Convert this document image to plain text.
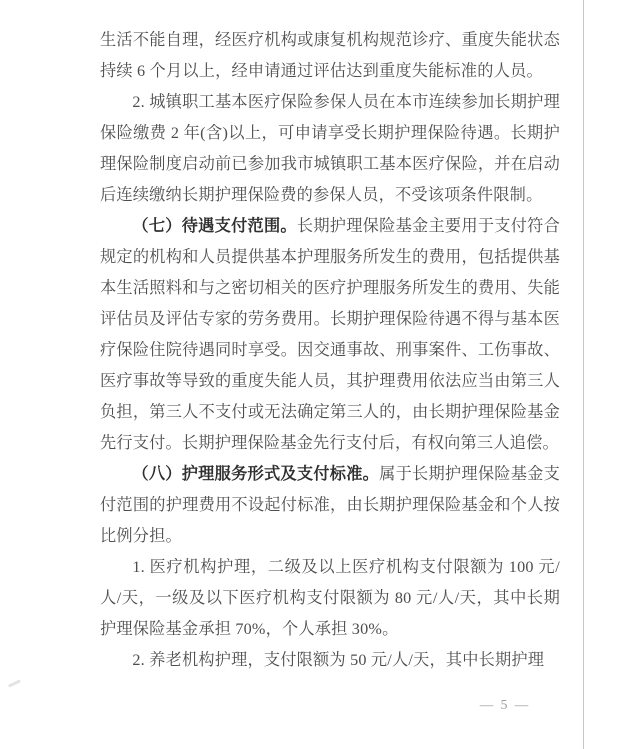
生活不能自理，经医疗机构或康复机构规范诊疗、重度失能状态持续 6 个月以上，经申请通过评估达到重度失能标准的人员。

2. 城镇职工基本医疗保险参保人员在本市连续参加长期护理保险缴费 2 年(含)以上，可申请享受长期护理保险待遇。长期护理保险制度启动前已参加我市城镇职工基本医疗保险，并在启动后连续缴纳长期护理保险费的参保人员，不受该项条件限制。

（七）待遇支付范围。长期护理保险基金主要用于支付符合规定的机构和人员提供基本护理服务所发生的费用，包括提供基本生活照料和与之密切相关的医疗护理服务所发生的费用、失能评估员及评估专家的劳务费用。长期护理保险待遇不得与基本医疗保险住院待遇同时享受。因交通事故、刑事案件、工伤事故、医疗事故等导致的重度失能人员，其护理费用依法应当由第三人负担，第三人不支付或无法确定第三人的，由长期护理保险基金先行支付。长期护理保险基金先行支付后，有权向第三人追偿。

（八）护理服务形式及支付标准。属于长期护理保险基金支付范围的护理费用不设起付标准，由长期护理保险基金和个人按比例分担。

1. 医疗机构护理，二级及以上医疗机构支付限额为 100 元/人/天，一级及以下医疗机构支付限额为 80 元/人/天，其中长期护理保险基金承担 70%，个人承担 30%。

2. 养老机构护理，支付限额为 50 元/人/天，其中长期护理

— 5 —
